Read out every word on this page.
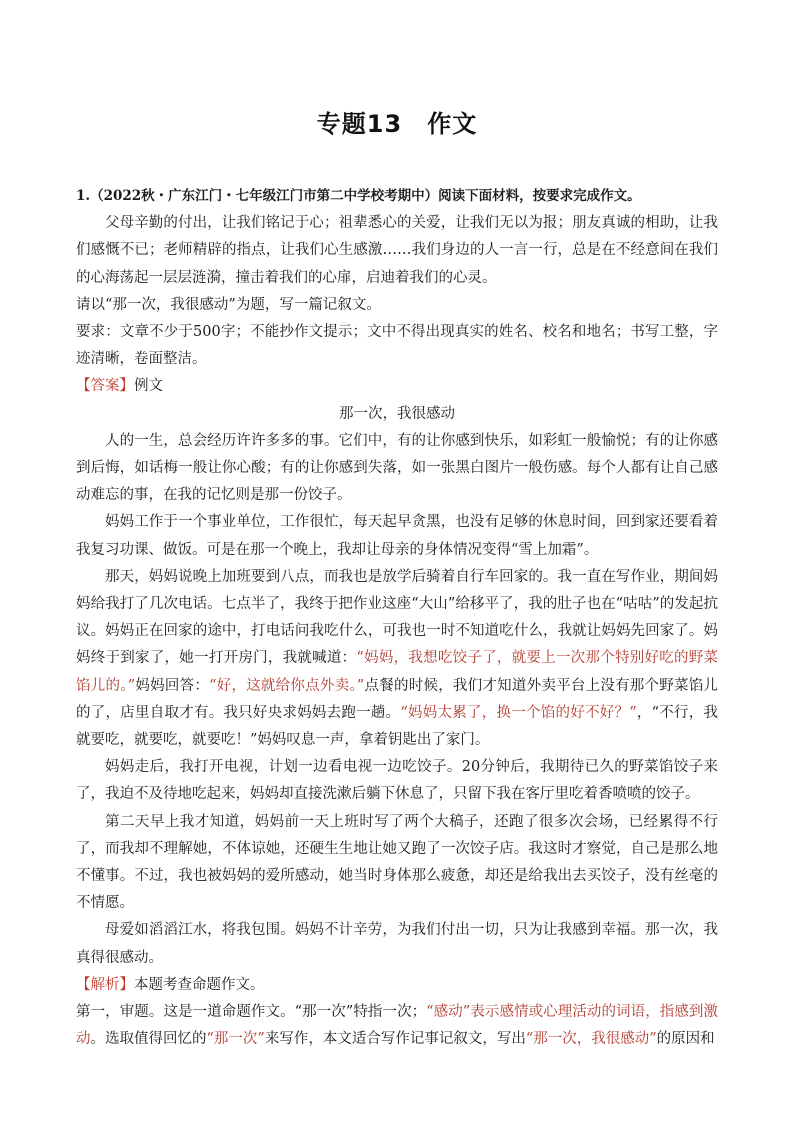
专题13　作文

1.（2022秋・广东江门・七年级江门市第二中学校考期中）阅读下面材料，按要求完成作文。

父母辛勤的付出，让我们铭记于心；祖辈悉心的关爱，让我们无以为报；朋友真诚的相助，让我们感慨不已；老师精辟的指点，让我们心生感激……我们身边的人一言一行，总是在不经意间在我们的心海荡起一层层涟漪，撞击着我们的心扉，启迪着我们的心灵。

请以“那一次，我很感动”为题，写一篇记叙文。

要求：文章不少于500字；不能抄作文提示；文中不得出现真实的姓名、校名和地名；书写工整，字迹清晰，卷面整洁。

【答案】例文

那一次，我很感动

人的一生，总会经历许许多多的事。它们中，有的让你感到快乐，如彩虹一般愉悦；有的让你感到后悔，如话梅一般让你心酸；有的让你感到失落，如一张黑白图片一般伤感。每个人都有让自己感动难忘的事，在我的记忆则是那一份饺子。

妈妈工作于一个事业单位，工作很忙，每天起早贪黑，也没有足够的休息时间，回到家还要看着我复习功课、做饭。可是在那一个晚上，我却让母亲的身体情况变得“雪上加霜”。

那天，妈妈说晚上加班要到八点，而我也是放学后骑着自行车回家的。我一直在写作业，期间妈妈给我打了几次电话。七点半了，我终于把作业这座“大山”给移平了，我的肚子也在“咕咕”的发起抗议。妈妈正在回家的途中，打电话问我吃什么，可我也一时不知道吃什么，我就让妈妈先回家了。妈妈终于到家了，她一打开房门，我就喊道：“妈妈，我想吃饺子了，就要上一次那个特别好吃的野菜馅儿的。”妈妈回答：“好，这就给你点外卖。”点餐的时候，我们才知道外卖平台上没有那个野菜馅儿的了，店里自取才有。我只好央求妈妈去跑一趟。“妈妈太累了，换一个馅的好不好？”，“不行，我就要吃，就要吃，就要吃！”妈妈叹息一声，拿着钥匙出了家门。

妈妈走后，我打开电视，计划一边看电视一边吃饺子。20分钟后，我期待已久的野菜馅饺子来了，我迫不及待地吃起来，妈妈却直接洗漱后躺下休息了，只留下我在客厅里吃着香喷喷的饺子。

第二天早上我才知道，妈妈前一天上班时写了两个大稿子，还跑了很多次会场，已经累得不行了，而我却不理解她，不体谅她，还硬生生地让她又跑了一次饺子店。我这时才察觉，自己是那么地不懂事。不过，我也被妈妈的爱所感动，她当时身体那么疲惫，却还是给我出去买饺子，没有丝毫的不情愿。

母爱如滔滔江水，将我包围。妈妈不计辛劳，为我们付出一切，只为让我感到幸福。那一次，我真得很感动。

【解析】本题考查命题作文。

第一，审题。这是一道命题作文。“那一次”特指一次；“感动”表示感情或心理活动的词语，指感到激动。选取值得回忆的“那一次”来写作，本文适合写作记事记叙文，写出“那一次，我很感动”的原因和
